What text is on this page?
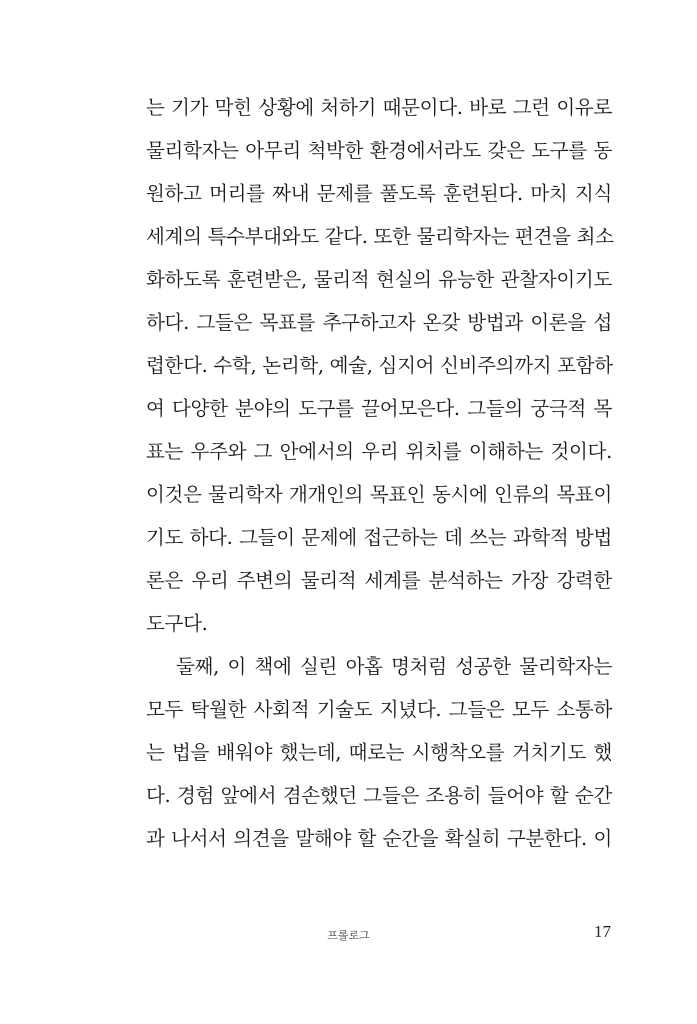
는 기가 막힌 상황에 처하기 때문이다. 바로 그런 이유로
물리학자는 아무리 척박한 환경에서라도 갖은 도구를 동
원하고 머리를 짜내 문제를 풀도록 훈련된다. 마치 지식
세계의 특수부대와도 같다. 또한 물리학자는 편견을 최소
화하도록 훈련받은, 물리적 현실의 유능한 관찰자이기도
하다. 그들은 목표를 추구하고자 온갖 방법과 이론을 섭
렵한다. 수학, 논리학, 예술, 심지어 신비주의까지 포함하
여 다양한 분야의 도구를 끌어모은다. 그들의 궁극적 목
표는 우주와 그 안에서의 우리 위치를 이해하는 것이다.
이것은 물리학자 개개인의 목표인 동시에 인류의 목표이
기도 하다. 그들이 문제에 접근하는 데 쓰는 과학적 방법
론은 우리 주변의 물리적 세계를 분석하는 가장 강력한
도구다.
둘째, 이 책에 실린 아홉 명처럼 성공한 물리학자는
모두 탁월한 사회적 기술도 지녔다. 그들은 모두 소통하
는 법을 배워야 했는데, 때로는 시행착오를 거치기도 했
다. 경험 앞에서 겸손했던 그들은 조용히 들어야 할 순간
과 나서서 의견을 말해야 할 순간을 확실히 구분한다. 이
프롤로그	17
